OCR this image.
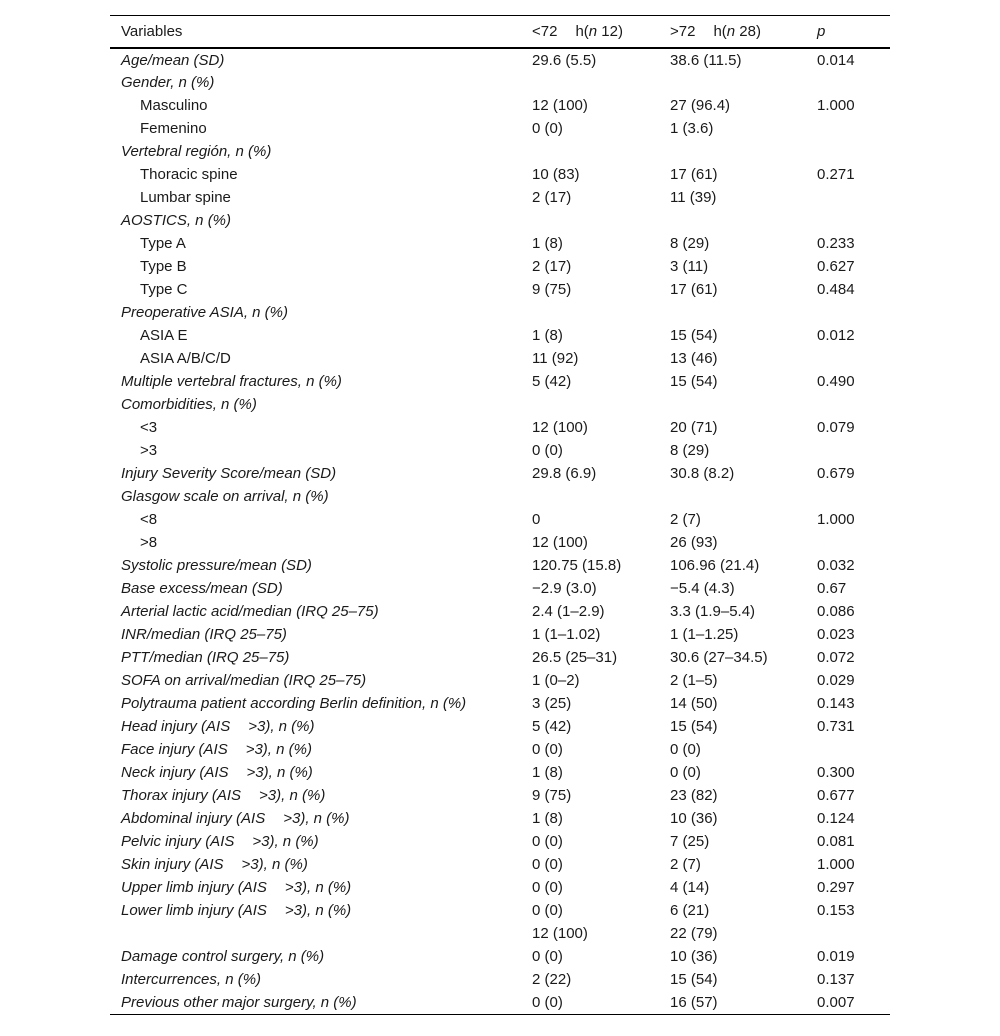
Variables	<72 h(n 12)	>72 h(n 28)	p
Age/mean (SD)	29.6 (5.5)	38.6 (11.5)	0.014
Gender, n (%)			
Masculino	12 (100)	27 (96.4)	1.000
Femenino	0 (0)	1 (3.6)	
Vertebral región, n (%)			
Thoracic spine	10 (83)	17 (61)	0.271
Lumbar spine	2 (17)	11 (39)	
AOSTICS, n (%)			
Type A	1 (8)	8 (29)	0.233
Type B	2 (17)	3 (11)	0.627
Type C	9 (75)	17 (61)	0.484
Preoperative ASIA, n (%)			
ASIA E	1 (8)	15 (54)	0.012
ASIA A/B/C/D	11 (92)	13 (46)	
Multiple vertebral fractures, n (%)	5 (42)	15 (54)	0.490
Comorbidities, n (%)			
<3	12 (100)	20 (71)	0.079
>3	0 (0)	8 (29)	
Injury Severity Score/mean (SD)	29.8 (6.9)	30.8 (8.2)	0.679
Glasgow scale on arrival, n (%)			
<8	0	2 (7)	1.000
>8	12 (100)	26 (93)	
Systolic pressure/mean (SD)	120.75 (15.8)	106.96 (21.4)	0.032
Base excess/mean (SD)	−2.9 (3.0)	−5.4 (4.3)	0.67
Arterial lactic acid/median (IRQ 25–75)	2.4 (1–2.9)	3.3 (1.9–5.4)	0.086
INR/median (IRQ 25–75)	1 (1–1.02)	1 (1–1.25)	0.023
PTT/median (IRQ 25–75)	26.5 (25–31)	30.6 (27–34.5)	0.072
SOFA on arrival/median (IRQ 25–75)	1 (0–2)	2 (1–5)	0.029
Polytrauma patient according Berlin definition, n (%)	3 (25)	14 (50)	0.143
Head injury (AIS >3), n (%)	5 (42)	15 (54)	0.731
Face injury (AIS >3), n (%)	0 (0)	0 (0)	
Neck injury (AIS >3), n (%)	1 (8)	0 (0)	0.300
Thorax injury (AIS >3), n (%)	9 (75)	23 (82)	0.677
Abdominal injury (AIS >3), n (%)	1 (8)	10 (36)	0.124
Pelvic injury (AIS >3), n (%)	0 (0)	7 (25)	0.081
Skin injury (AIS >3), n (%)	0 (0)	2 (7)	1.000
Upper limb injury (AIS >3), n (%)	0 (0)	4 (14)	0.297
Lower limb injury (AIS >3), n (%)	0 (0)	6 (21)	0.153
	12 (100)	22 (79)	
Damage control surgery, n (%)	0 (0)	10 (36)	0.019
Intercurrences, n (%)	2 (22)	15 (54)	0.137
Previous other major surgery, n (%)	0 (0)	16 (57)	0.007
